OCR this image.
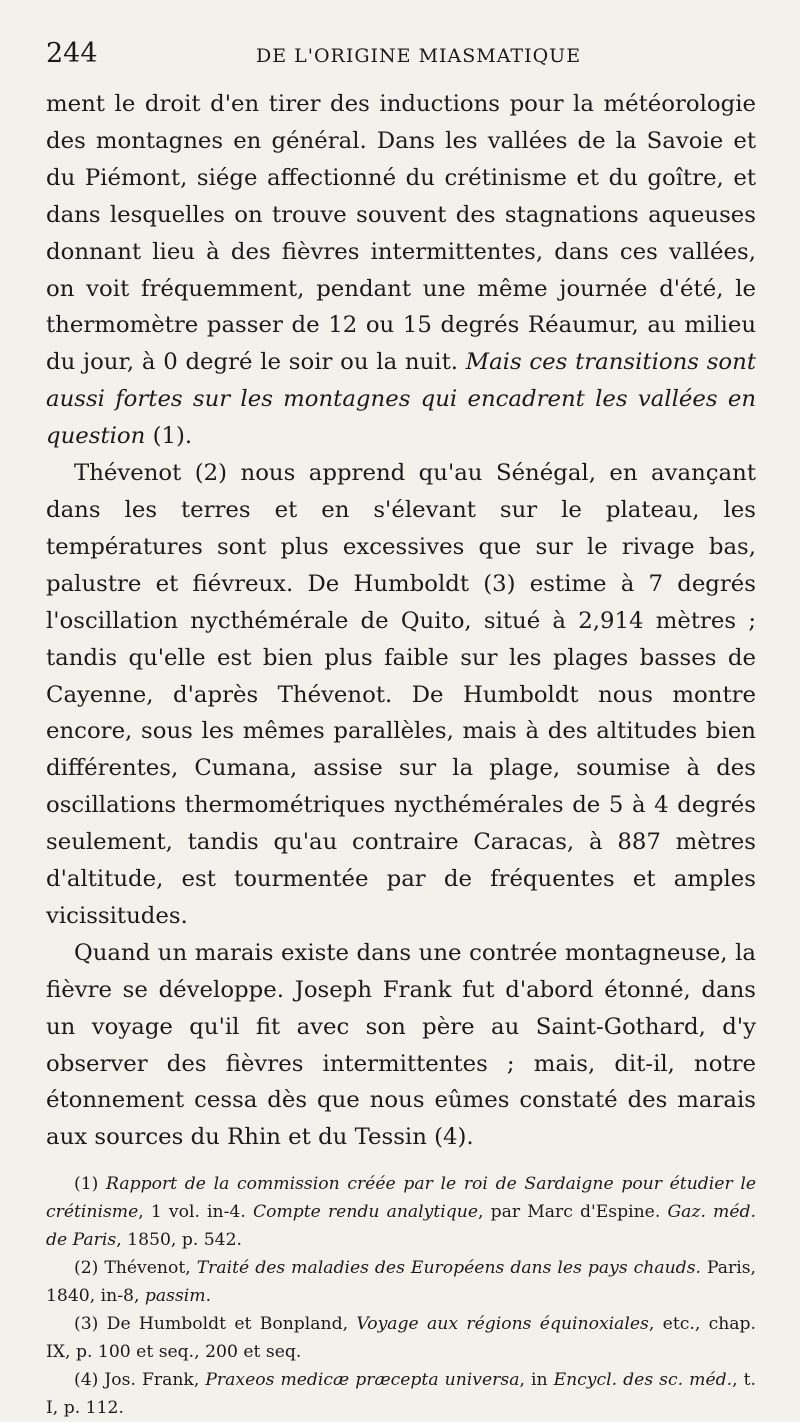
244	DE L'ORIGINE MIASMATIQUE

ment le droit d'en tirer des inductions pour la météorologie des montagnes en général. Dans les vallées de la Savoie et du Piémont, siége affectionné du crétinisme et du goître, et dans lesquelles on trouve souvent des stagnations aqueuses donnant lieu à des fièvres intermittentes, dans ces vallées, on voit fréquemment, pendant une même journée d'été, le thermomètre passer de 12 ou 15 degrés Réaumur, au milieu du jour, à 0 degré le soir ou la nuit. Mais ces transitions sont aussi fortes sur les montagnes qui encadrent les vallées en question (1).

Thévenot (2) nous apprend qu'au Sénégal, en avançant dans les terres et en s'élevant sur le plateau, les températures sont plus excessives que sur le rivage bas, palustre et fiévreux. De Humboldt (3) estime à 7 degrés l'oscillation nycthémérale de Quito, situé à 2,914 mètres ; tandis qu'elle est bien plus faible sur les plages basses de Cayenne, d'après Thévenot. De Humboldt nous montre encore, sous les mêmes parallèles, mais à des altitudes bien différentes, Cumana, assise sur la plage, soumise à des oscillations thermométriques nycthémérales de 5 à 4 degrés seulement, tandis qu'au contraire Caracas, à 887 mètres d'altitude, est tourmentée par de fréquentes et amples vicissitudes.

Quand un marais existe dans une contrée montagneuse, la fièvre se développe. Joseph Frank fut d'abord étonné, dans un voyage qu'il fit avec son père au Saint-Gothard, d'y observer des fièvres intermittentes ; mais, dit-il, notre étonnement cessa dès que nous eûmes constaté des marais aux sources du Rhin et du Tessin (4).

(1) Rapport de la commission créée par le roi de Sardaigne pour étudier le crétinisme, 1 vol. in-4. Compte rendu analytique, par Marc d'Espine. Gaz. méd. de Paris, 1850, p. 542.

(2) Thévenot, Traité des maladies des Européens dans les pays chauds. Paris, 1840, in-8, passim.

(3) De Humboldt et Bonpland, Voyage aux régions équinoxiales, etc., chap. IX, p. 100 et seq., 200 et seq.

(4) Jos. Frank, Praxeos medicæ præcepta universa, in Encycl. des sc. méd., t. I, p. 112.
